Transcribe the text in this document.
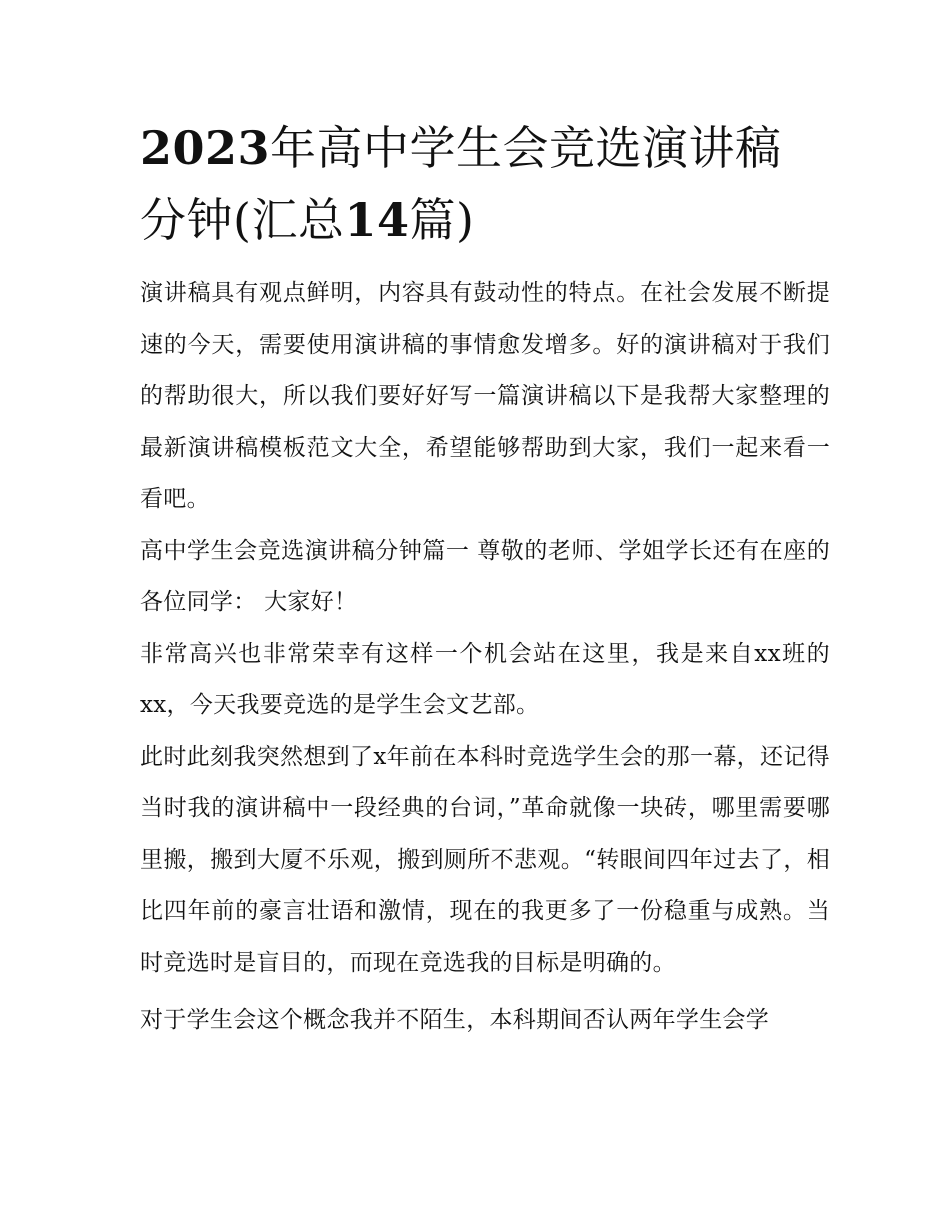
2023年高中学生会竞选演讲稿
分钟(汇总14篇)

演讲稿具有观点鲜明，内容具有鼓动性的特点。在社会发展不断提速的今天，需要使用演讲稿的事情愈发增多。好的演讲稿对于我们的帮助很大，所以我们要好好写一篇演讲稿以下是我帮大家整理的最新演讲稿模板范文大全，希望能够帮助到大家，我们一起来看一看吧。

高中学生会竞选演讲稿分钟篇一 尊敬的老师、学姐学长还有在座的各位同学： 大家好！

非常高兴也非常荣幸有这样一个机会站在这里，我是来自xx班的xx，今天我要竞选的是学生会文艺部。

此时此刻我突然想到了x年前在本科时竞选学生会的那一幕，还记得当时我的演讲稿中一段经典的台词，”革命就像一块砖，哪里需要哪里搬，搬到大厦不乐观，搬到厕所不悲观。“转眼间四年过去了，相比四年前的豪言壮语和激情，现在的我更多了一份稳重与成熟。当时竞选时是盲目的，而现在竞选我的目标是明确的。

对于学生会这个概念我并不陌生，本科期间否认两年学生会学
